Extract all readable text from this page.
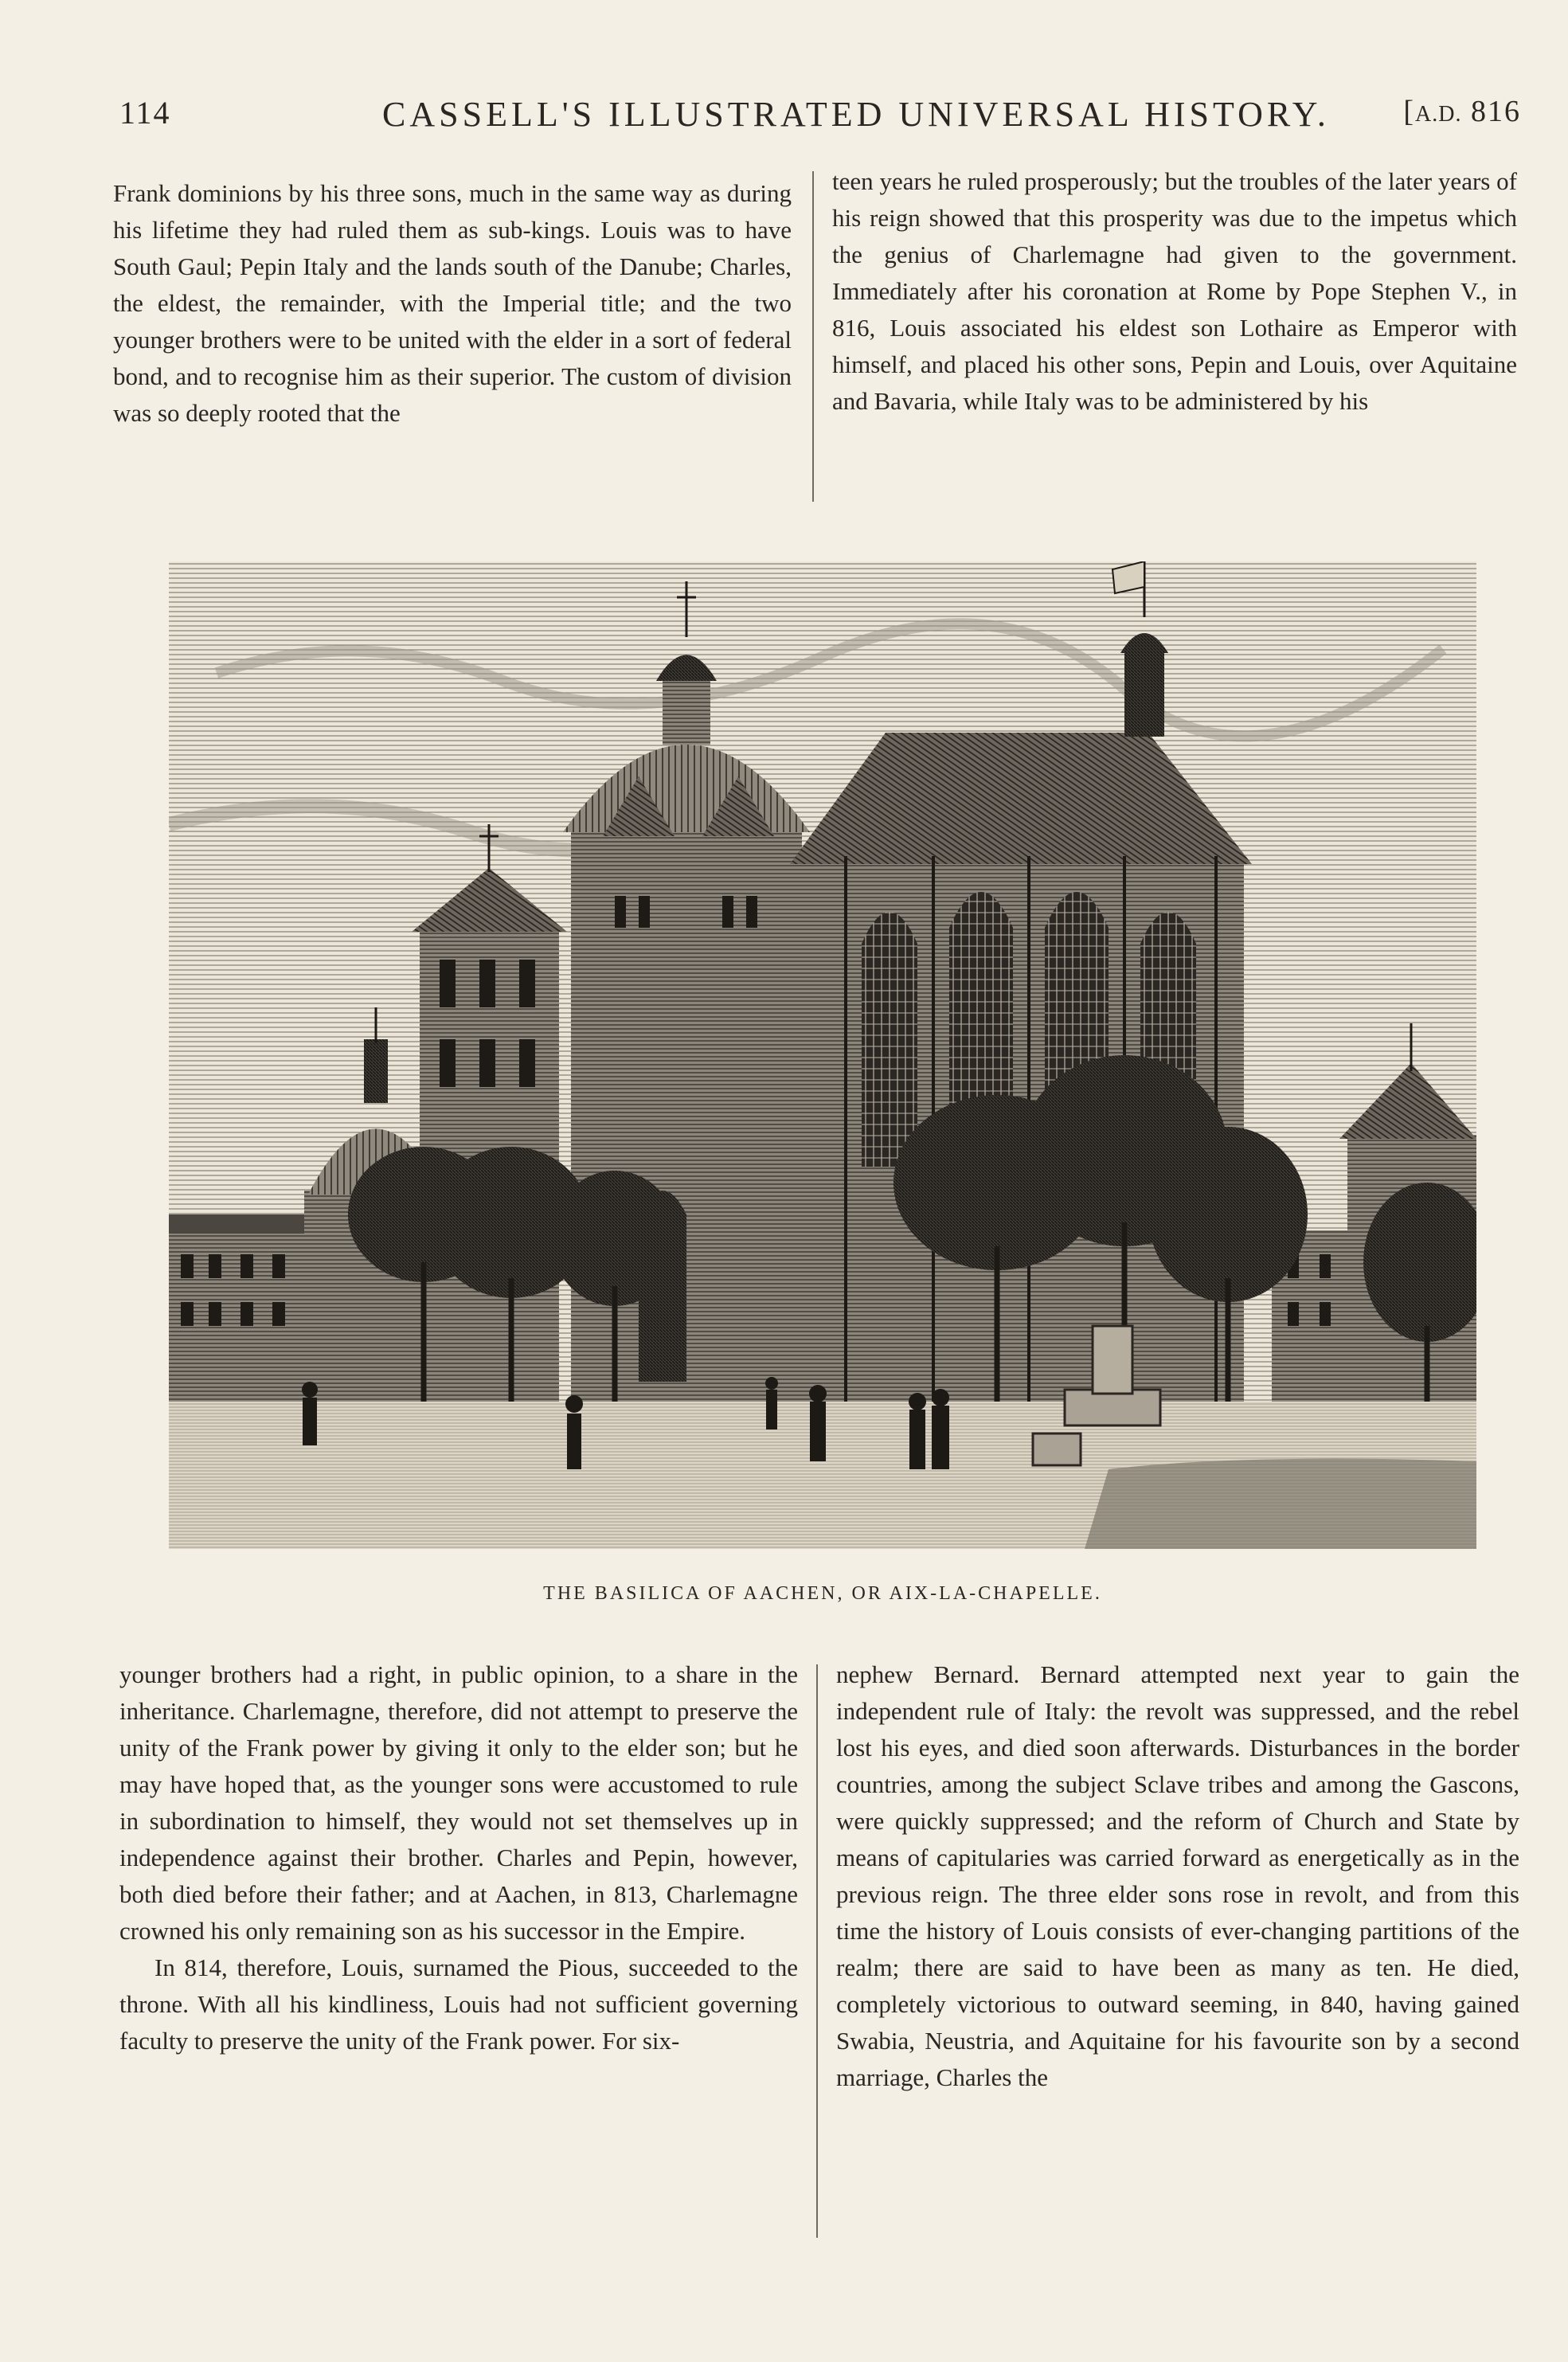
114	CASSELL'S ILLUSTRATED UNIVERSAL HISTORY. [A.D. 816

Frank dominions by his three sons, much in the same way as during his lifetime they had ruled them as sub-kings. Louis was to have South Gaul; Pepin Italy and the lands south of the Danube; Charles, the eldest, the remainder, with the Imperial title; and the two younger brothers were to be united with the elder in a sort of federal bond, and to recognise him as their superior. The custom of division was so deeply rooted that the

teen years he ruled prosperously; but the troubles of the later years of his reign showed that this prosperity was due to the impetus which the genius of Charlemagne had given to the government. Immediately after his coronation at Rome by Pope Stephen V., in 816, Louis associated his eldest son Lothaire as Emperor with himself, and placed his other sons, Pepin and Louis, over Aquitaine and Bavaria, while Italy was to be administered by his

THE BASILICA OF AACHEN, OR AIX-LA-CHAPELLE.

younger brothers had a right, in public opinion, to a share in the inheritance. Charlemagne, therefore, did not attempt to preserve the unity of the Frank power by giving it only to the elder son; but he may have hoped that, as the younger sons were accustomed to rule in subordination to himself, they would not set themselves up in independence against their brother. Charles and Pepin, however, both died before their father; and at Aachen, in 813, Charlemagne crowned his only remaining son as his successor in the Empire.

In 814, therefore, Louis, surnamed the Pious, succeeded to the throne. With all his kindliness, Louis had not sufficient governing faculty to preserve the unity of the Frank power. For six-

nephew Bernard. Bernard attempted next year to gain the independent rule of Italy: the revolt was suppressed, and the rebel lost his eyes, and died soon afterwards. Disturbances in the border countries, among the subject Sclave tribes and among the Gascons, were quickly suppressed; and the reform of Church and State by means of capitularies was carried forward as energetically as in the previous reign. The three elder sons rose in revolt, and from this time the history of Louis consists of ever-changing partitions of the realm; there are said to have been as many as ten. He died, completely victorious to outward seeming, in 840, having gained Swabia, Neustria, and Aquitaine for his favourite son by a second marriage, Charles the
